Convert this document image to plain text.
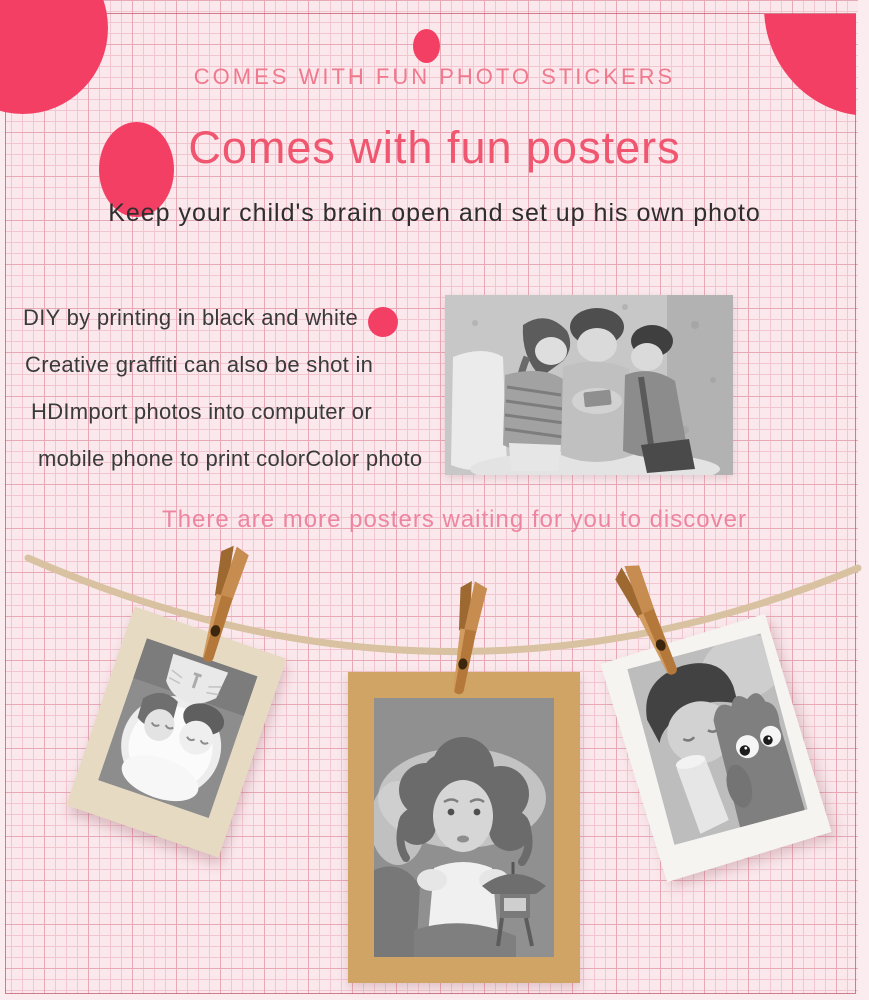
COMES WITH FUN PHOTO STICKERS
Comes with fun posters
Keep your child's brain open and set up his own photo
DIY by printing in black and white
Creative graffiti can also be shot in
HDImport photos into computer or
mobile phone to print colorColor photo
There are more posters waiting for you to discover
